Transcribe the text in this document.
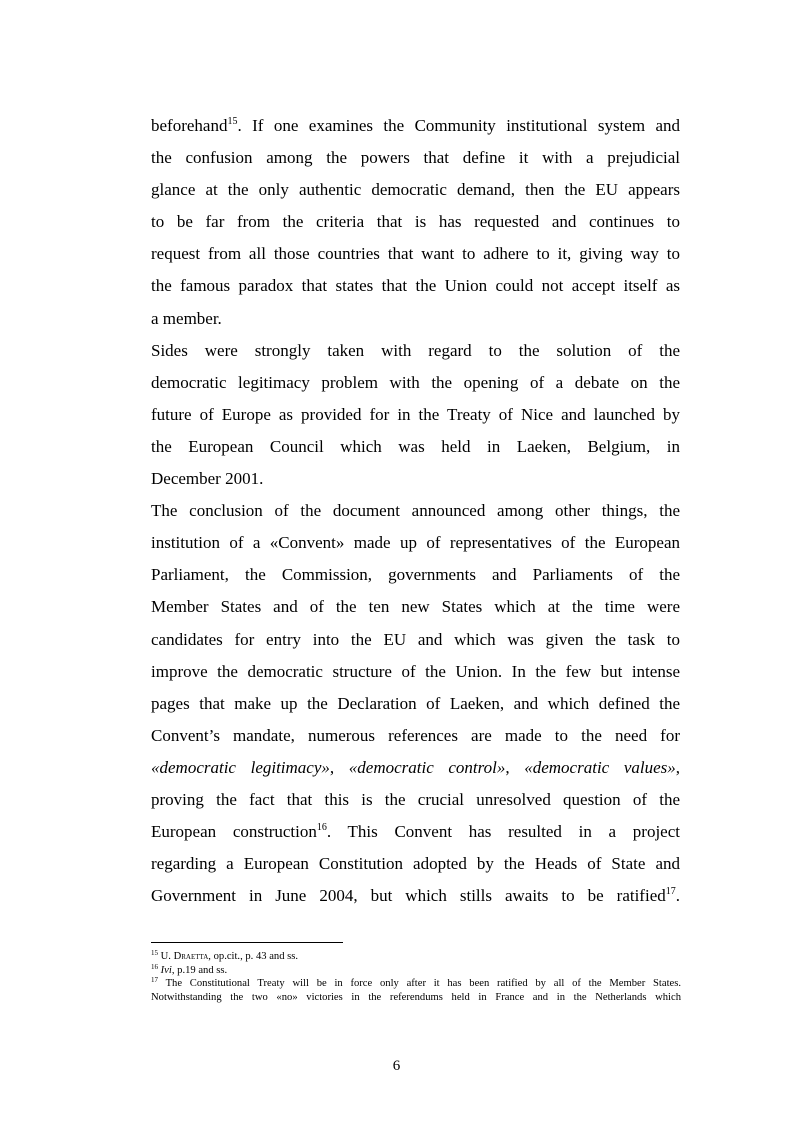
beforehand$^{15}$. If one examines the Community institutional system and
the confusion among the powers that define it with a prejudicial
glance at the only authentic democratic demand, then the EU appears
to be far from the criteria that is has requested and continues to
request from all those countries that want to adhere to it, giving way to
the famous paradox that states that the Union could not accept itself as
a member.

Sides were strongly taken with regard to the solution of the
democratic legitimacy problem with the opening of a debate on the
future of Europe as provided for in the Treaty of Nice and launched by
the European Council which was held in Laeken, Belgium, in
December 2001.

The conclusion of the document announced among other things, the
institution of a «Convent» made up of representatives of the European
Parliament, the Commission, governments and Parliaments of the
Member States and of the ten new States which at the time were
candidates for entry into the EU and which was given the task to
improve the democratic structure of the Union. In the few but intense
pages that make up the Declaration of Laeken, and which defined the
Convent’s mandate, numerous references are made to the need for
«democratic legitimacy», «democratic control», «democratic values»,
proving the fact that this is the crucial unresolved question of the
European construction$^{16}$. This Convent has resulted in a project
regarding a European Constitution adopted by the Heads of State and
Government in June 2004, but which stills awaits to be ratified$^{17}$.

$^{15}$ U. Draetta, op.cit., p. 43 and ss.
$^{16}$ Ivi, p.19 and ss.
$^{17}$ The Constitutional Treaty will be in force only after it has been ratified by all of the Member States.
Notwithstanding the two «no» victories in the referendums held in France and in the Netherlands which
6
